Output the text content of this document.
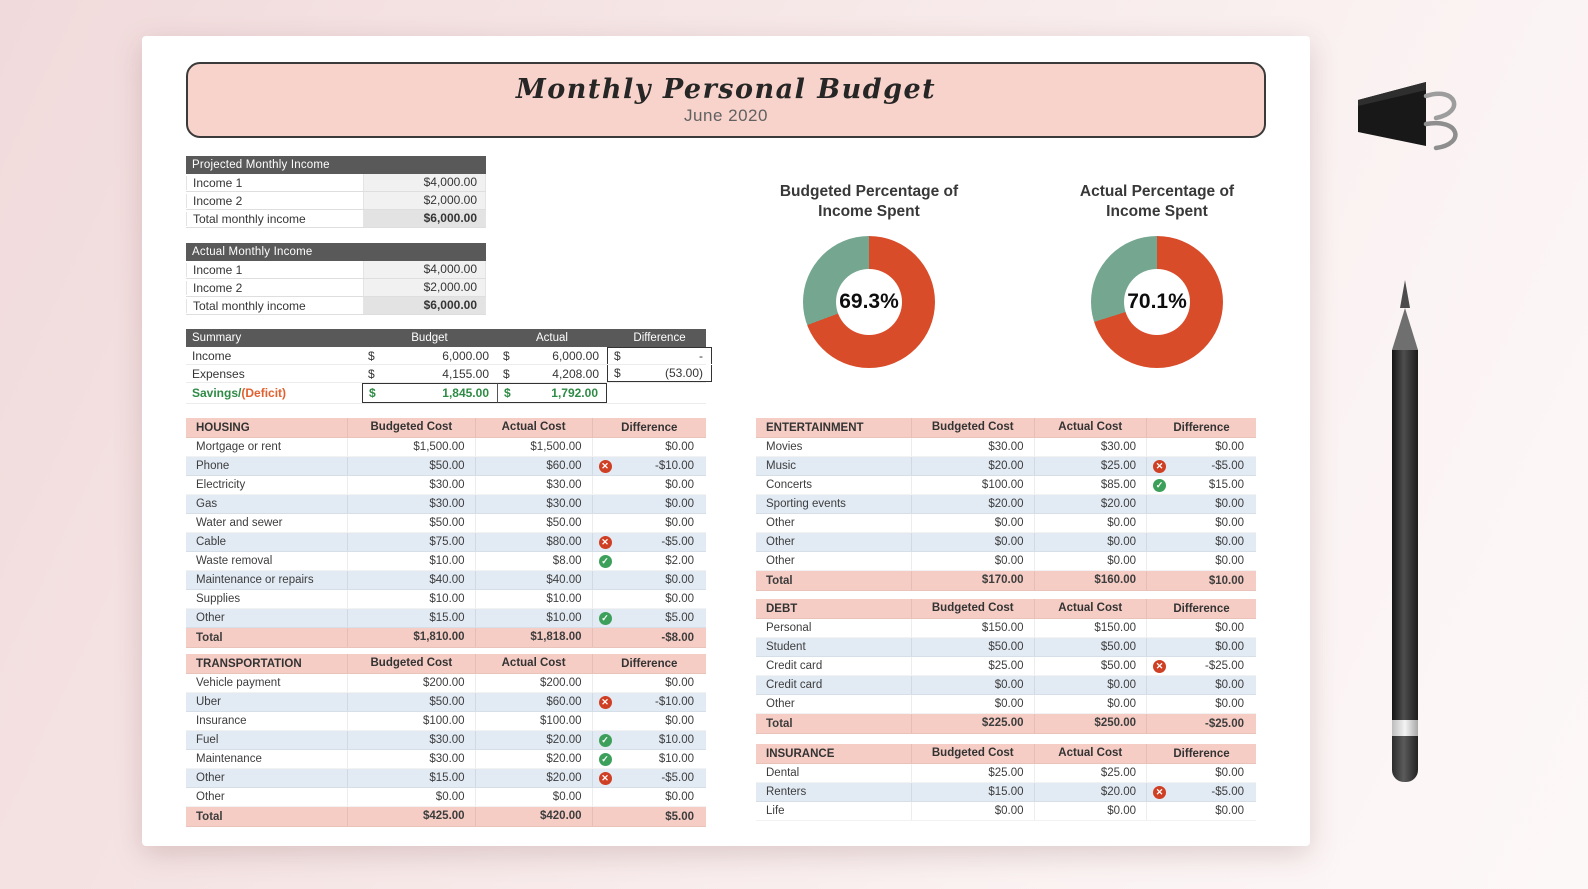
Monthly Personal Budget
June 2020
Projected Monthly Income
Income 1	$4,000.00
Income 2	$2,000.00
Total monthly income	$6,000.00
Actual Monthly Income
Income 1	$4,000.00
Income 2	$2,000.00
Total monthly income	$6,000.00
Summary	Budget	Actual	Difference
Income	$	6,000.00 $	6,000.00 $	-
Expenses	$	4,155.00 $	4,208.00 $	(53.00)
Savings/(Deficit)	$	1,845.00 $	1,792.00
Budgeted Percentage of
Income Spent
69.3%
Actual Percentage of
Income Spent
70.1%
HOUSING	Budgeted Cost	Actual Cost	Difference
Mortgage or rent	$1,500.00	$1,500.00	$0.00
Phone	$50.00	$60.00	✕	-$10.00
Electricity	$30.00	$30.00	$0.00
Gas	$30.00	$30.00	$0.00
Water and sewer	$50.00	$50.00	$0.00
Cable	$75.00	$80.00	✕	-$5.00
Waste removal	$10.00	$8.00	✓	$2.00
Maintenance or repairs	$40.00	$40.00	$0.00
Supplies	$10.00	$10.00	$0.00
Other	$15.00	$10.00	✓	$5.00
Total	$1,810.00	$1,818.00	-$8.00
TRANSPORTATION	Budgeted Cost	Actual Cost	Difference
Vehicle payment	$200.00	$200.00	$0.00
Uber	$50.00	$60.00	✕	-$10.00
Insurance	$100.00	$100.00	$0.00
Fuel	$30.00	$20.00	✓	$10.00
Maintenance	$30.00	$20.00	✓	$10.00
Other	$15.00	$20.00	✕	-$5.00
Other	$0.00	$0.00	$0.00
Total	$425.00	$420.00	$5.00
ENTERTAINMENT	Budgeted Cost	Actual Cost	Difference
Movies	$30.00	$30.00	$0.00
Music	$20.00	$25.00	✕	-$5.00
Concerts	$100.00	$85.00	✓	$15.00
Sporting events	$20.00	$20.00	$0.00
Other	$0.00	$0.00	$0.00
Other	$0.00	$0.00	$0.00
Other	$0.00	$0.00	$0.00
Total	$170.00	$160.00	$10.00
DEBT	Budgeted Cost	Actual Cost	Difference
Personal	$150.00	$150.00	$0.00
Student	$50.00	$50.00	$0.00
Credit card	$25.00	$50.00	✕	-$25.00
Credit card	$0.00	$0.00	$0.00
Other	$0.00	$0.00	$0.00
Total	$225.00	$250.00	-$25.00
INSURANCE	Budgeted Cost	Actual Cost	Difference
Dental	$25.00	$25.00	$0.00
Renters	$15.00	$20.00	✕	-$5.00
Life	$0.00	$0.00	$0.00
